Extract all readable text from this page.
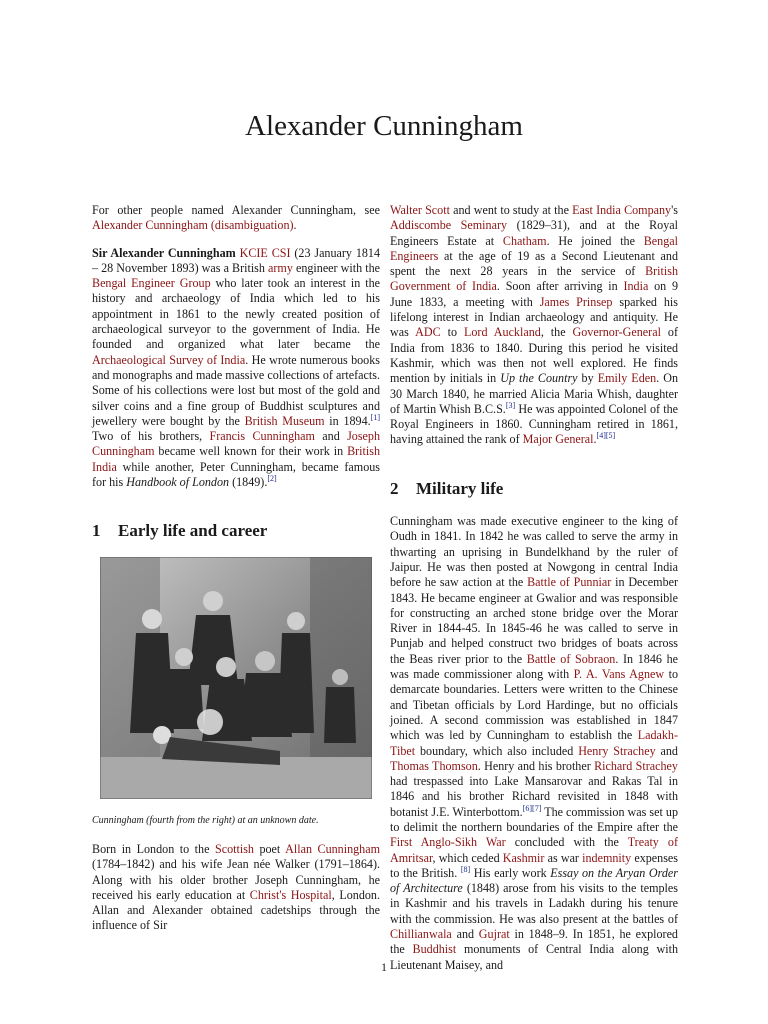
Alexander Cunningham

For other people named Alexander Cunningham, see Alexander Cunningham (disambiguation).

Sir Alexander Cunningham KCIE CSI (23 January 1814 – 28 November 1893) was a British army engineer with the Bengal Engineer Group who later took an interest in the history and archaeology of India which led to his appointment in 1861 to the newly created position of archaeological surveyor to the government of India. He founded and organized what later became the Archaeological Survey of India. He wrote numerous books and monographs and made massive collections of artefacts. Some of his collections were lost but most of the gold and silver coins and a fine group of Buddhist sculptures and jewellery were bought by the British Museum in 1894.[1] Two of his brothers, Francis Cunningham and Joseph Cunningham became well known for their work in British India while another, Peter Cunningham, became famous for his Handbook of London (1849).[2]

1 Early life and career
Cunningham (fourth from the right) at an unknown date.

Born in London to the Scottish poet Allan Cunningham (1784–1842) and his wife Jean née Walker (1791–1864). Along with his older brother Joseph Cunningham, he received his early education at Christ's Hospital, London. Allan and Alexander obtained cadetships through the influence of Sir

Walter Scott and went to study at the East India Company's Addiscombe Seminary (1829–31), and at the Royal Engineers Estate at Chatham. He joined the Bengal Engineers at the age of 19 as a Second Lieutenant and spent the next 28 years in the service of British Government of India. Soon after arriving in India on 9 June 1833, a meeting with James Prinsep sparked his lifelong interest in Indian archaeology and antiquity. He was ADC to Lord Auckland, the Governor-General of India from 1836 to 1840. During this period he visited Kashmir, which was then not well explored. He finds mention by initials in Up the Country by Emily Eden. On 30 March 1840, he married Alicia Maria Whish, daughter of Martin Whish B.C.S.[3] He was appointed Colonel of the Royal Engineers in 1860. Cunningham retired in 1861, having attained the rank of Major General.[4][5]

2 Military life

Cunningham was made executive engineer to the king of Oudh in 1841. In 1842 he was called to serve the army in thwarting an uprising in Bundelkhand by the ruler of Jaipur. He was then posted at Nowgong in central India before he saw action at the Battle of Punniar in December 1843. He became engineer at Gwalior and was responsible for constructing an arched stone bridge over the Morar River in 1844-45. In 1845-46 he was called to serve in Punjab and helped construct two bridges of boats across the Beas river prior to the Battle of Sobraon. In 1846 he was made commissioner along with P. A. Vans Agnew to demarcate boundaries. Letters were written to the Chinese and Tibetan officials by Lord Hardinge, but no officials joined. A second commission was established in 1847 which was led by Cunningham to establish the Ladakh-Tibet boundary, which also included Henry Strachey and Thomas Thomson. Henry and his brother Richard Strachey had trespassed into Lake Mansarovar and Rakas Tal in 1846 and his brother Richard revisited in 1848 with botanist J.E. Winterbottom.[6][7] The commission was set up to delimit the northern boundaries of the Empire after the First Anglo-Sikh War concluded with the Treaty of Amritsar, which ceded Kashmir as war indemnity expenses to the British. [8] His early work Essay on the Aryan Order of Architecture (1848) arose from his visits to the temples in Kashmir and his travels in Ladakh during his tenure with the commission. He was also present at the battles of Chillianwala and Gujrat in 1848–9. In 1851, he explored the Buddhist monuments of Central India along with Lieutenant Maisey, and

1
